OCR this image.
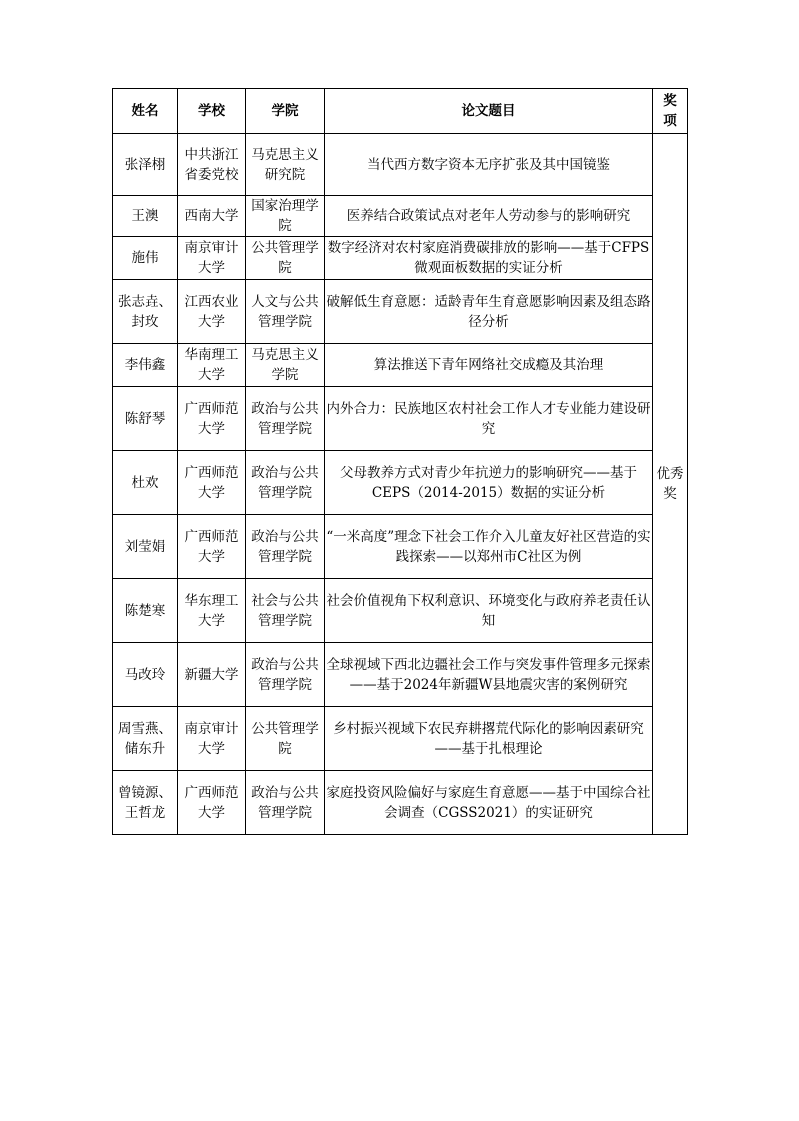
姓名	学校	学院	论文题目	奖项
张泽栩	中共浙江省委党校	马克思主义研究院	当代西方数字资本无序扩张及其中国镜鉴	优秀奖
王澳	西南大学	国家治理学院	医养结合政策试点对老年人劳动参与的影响研究	
施伟	南京审计大学	公共管理学院	数字经济对农村家庭消费碳排放的影响——基于CFPS微观面板数据的实证分析	
张志垚、封玫	江西农业大学	人文与公共管理学院	破解低生育意愿：适龄青年生育意愿影响因素及组态路径分析	
李伟鑫	华南理工大学	马克思主义学院	算法推送下青年网络社交成瘾及其治理	
陈舒琴	广西师范大学	政治与公共管理学院	内外合力：民族地区农村社会工作人才专业能力建设研究	
杜欢	广西师范大学	政治与公共管理学院	父母教养方式对青少年抗逆力的影响研究——基于CEPS（2014-2015）数据的实证分析	
刘莹娟	广西师范大学	政治与公共管理学院	“一米高度”理念下社会工作介入儿童友好社区营造的实践探索——以郑州市C社区为例	
陈楚寒	华东理工大学	社会与公共管理学院	社会价值视角下权利意识、环境变化与政府养老责任认知	
马改玲	新疆大学	政治与公共管理学院	全球视域下西北边疆社会工作与突发事件管理多元探索——基于2024年新疆W县地震灾害的案例研究	
周雪燕、储东升	南京审计大学	公共管理学院	乡村振兴视域下农民弃耕撂荒代际化的影响因素研究——基于扎根理论	
曾镜源、王哲龙	广西师范大学	政治与公共管理学院	家庭投资风险偏好与家庭生育意愿——基于中国综合社会调查（CGSS2021）的实证研究	
